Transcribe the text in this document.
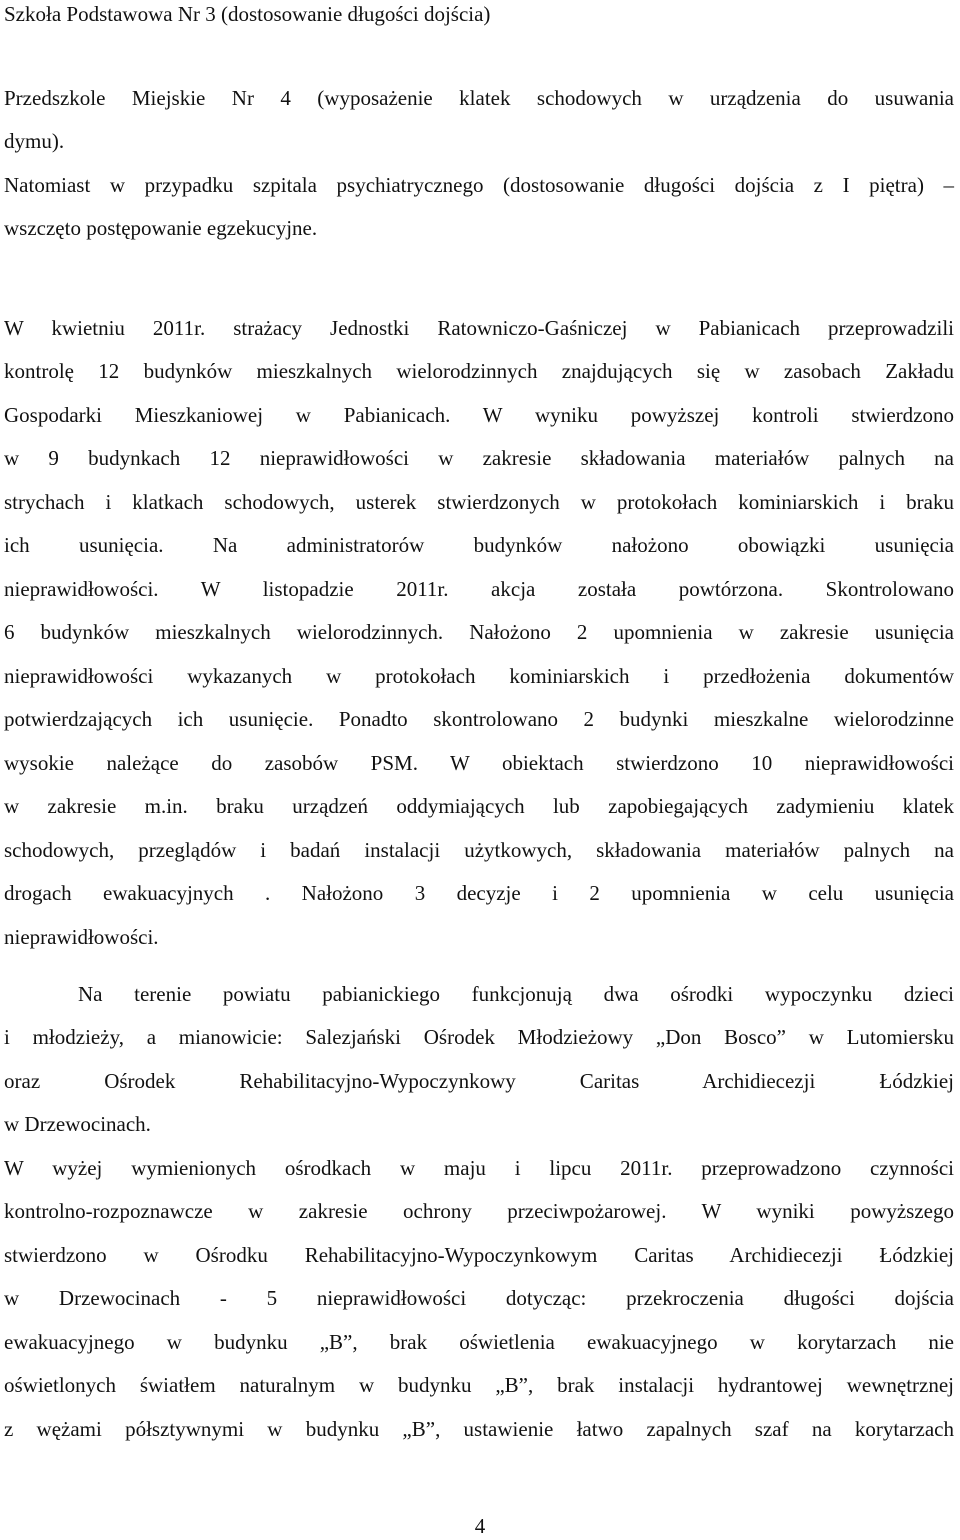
Szkoła Podstawowa Nr 3 (dostosowanie długości dojścia)
Przedszkole Miejskie Nr 4 (wyposażenie klatek schodowych w urządzenia do usuwania
dymu).
Natomiast w przypadku szpitala psychiatrycznego (dostosowanie długości dojścia z I piętra) –
wszczęto postępowanie egzekucyjne.
W kwietniu 2011r. strażacy Jednostki Ratowniczo-Gaśniczej w Pabianicach przeprowadzili
kontrolę 12 budynków mieszkalnych wielorodzinnych znajdujących się w zasobach Zakładu
Gospodarki Mieszkaniowej w Pabianicach. W wyniku powyższej kontroli stwierdzono
w 9 budynkach 12 nieprawidłowości w zakresie składowania materiałów palnych na
strychach i klatkach schodowych, usterek stwierdzonych w protokołach kominiarskich i braku
ich usunięcia. Na administratorów budynków nałożono obowiązki usunięcia
nieprawidłowości. W listopadzie 2011r. akcja została powtórzona. Skontrolowano
6 budynków mieszkalnych wielorodzinnych. Nałożono 2 upomnienia w zakresie usunięcia
nieprawidłowości wykazanych w protokołach kominiarskich i przedłożenia dokumentów
potwierdzających ich usunięcie. Ponadto skontrolowano 2 budynki mieszkalne wielorodzinne
wysokie należące do zasobów PSM. W obiektach stwierdzono 10 nieprawidłowości
w zakresie m.in. braku urządzeń oddymiających lub zapobiegających zadymieniu klatek
schodowych, przeglądów i badań instalacji użytkowych, składowania materiałów palnych na
drogach ewakuacyjnych . Nałożono 3 decyzje i 2 upomnienia w celu usunięcia
nieprawidłowości.
Na terenie powiatu pabianickiego funkcjonują dwa ośrodki wypoczynku dzieci
i młodzieży, a mianowicie: Salezjański Ośrodek Młodzieżowy „Don Bosco” w Lutomiersku
oraz Ośrodek Rehabilitacyjno-Wypoczynkowy Caritas Archidiecezji Łódzkiej
w Drzewocinach.
W wyżej wymienionych ośrodkach w maju i lipcu 2011r. przeprowadzono czynności
kontrolno-rozpoznawcze w zakresie ochrony przeciwpożarowej. W wyniki powyższego
stwierdzono w Ośrodku Rehabilitacyjno-Wypoczynkowym Caritas Archidiecezji Łódzkiej
w Drzewocinach - 5 nieprawidłowości dotycząc: przekroczenia długości dojścia
ewakuacyjnego w budynku „B”, brak oświetlenia ewakuacyjnego w korytarzach nie
oświetlonych światłem naturalnym w budynku „B”, brak instalacji hydrantowej wewnętrznej
z wężami półsztywnymi w budynku „B”, ustawienie łatwo zapalnych szaf na korytarzach
4
